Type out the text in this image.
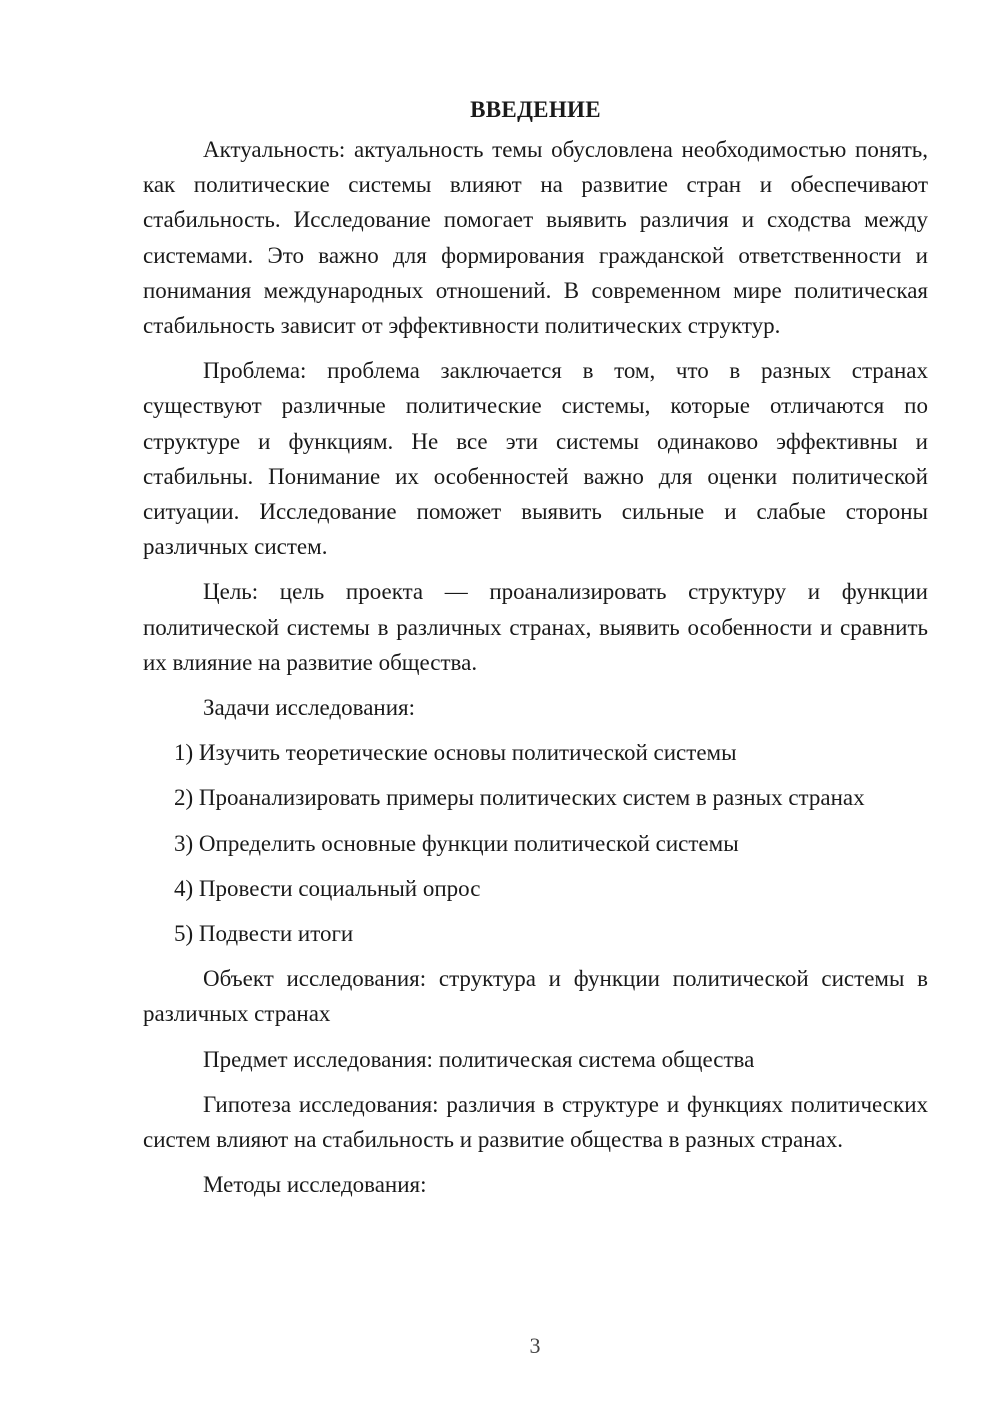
ВВЕДЕНИЕ

Актуальность: актуальность темы обусловлена необходимостью понять, как политические системы влияют на развитие стран и обеспечивают стабильность. Исследование помогает выявить различия и сходства между системами. Это важно для формирования гражданской ответственности и понимания международных отношений. В современном мире политическая стабильность зависит от эффективности политических структур.

Проблема: проблема заключается в том, что в разных странах существуют различные политические системы, которые отличаются по структуре и функциям. Не все эти системы одинаково эффективны и стабильны. Понимание их особенностей важно для оценки политической ситуации. Исследование поможет выявить сильные и слабые стороны различных систем.

Цель: цель проекта — проанализировать структуру и функции политической системы в различных странах, выявить особенности и сравнить их влияние на развитие общества.

Задачи исследования:

1) Изучить теоретические основы политической системы

2) Проанализировать примеры политических систем в разных странах

3) Определить основные функции политической системы

4) Провести социальный опрос

5) Подвести итоги

Объект исследования: структура и функции политической системы в различных странах

Предмет исследования: политическая система общества

Гипотеза исследования: различия в структуре и функциях политических систем влияют на стабильность и развитие общества в разных странах.

Методы исследования:

3
